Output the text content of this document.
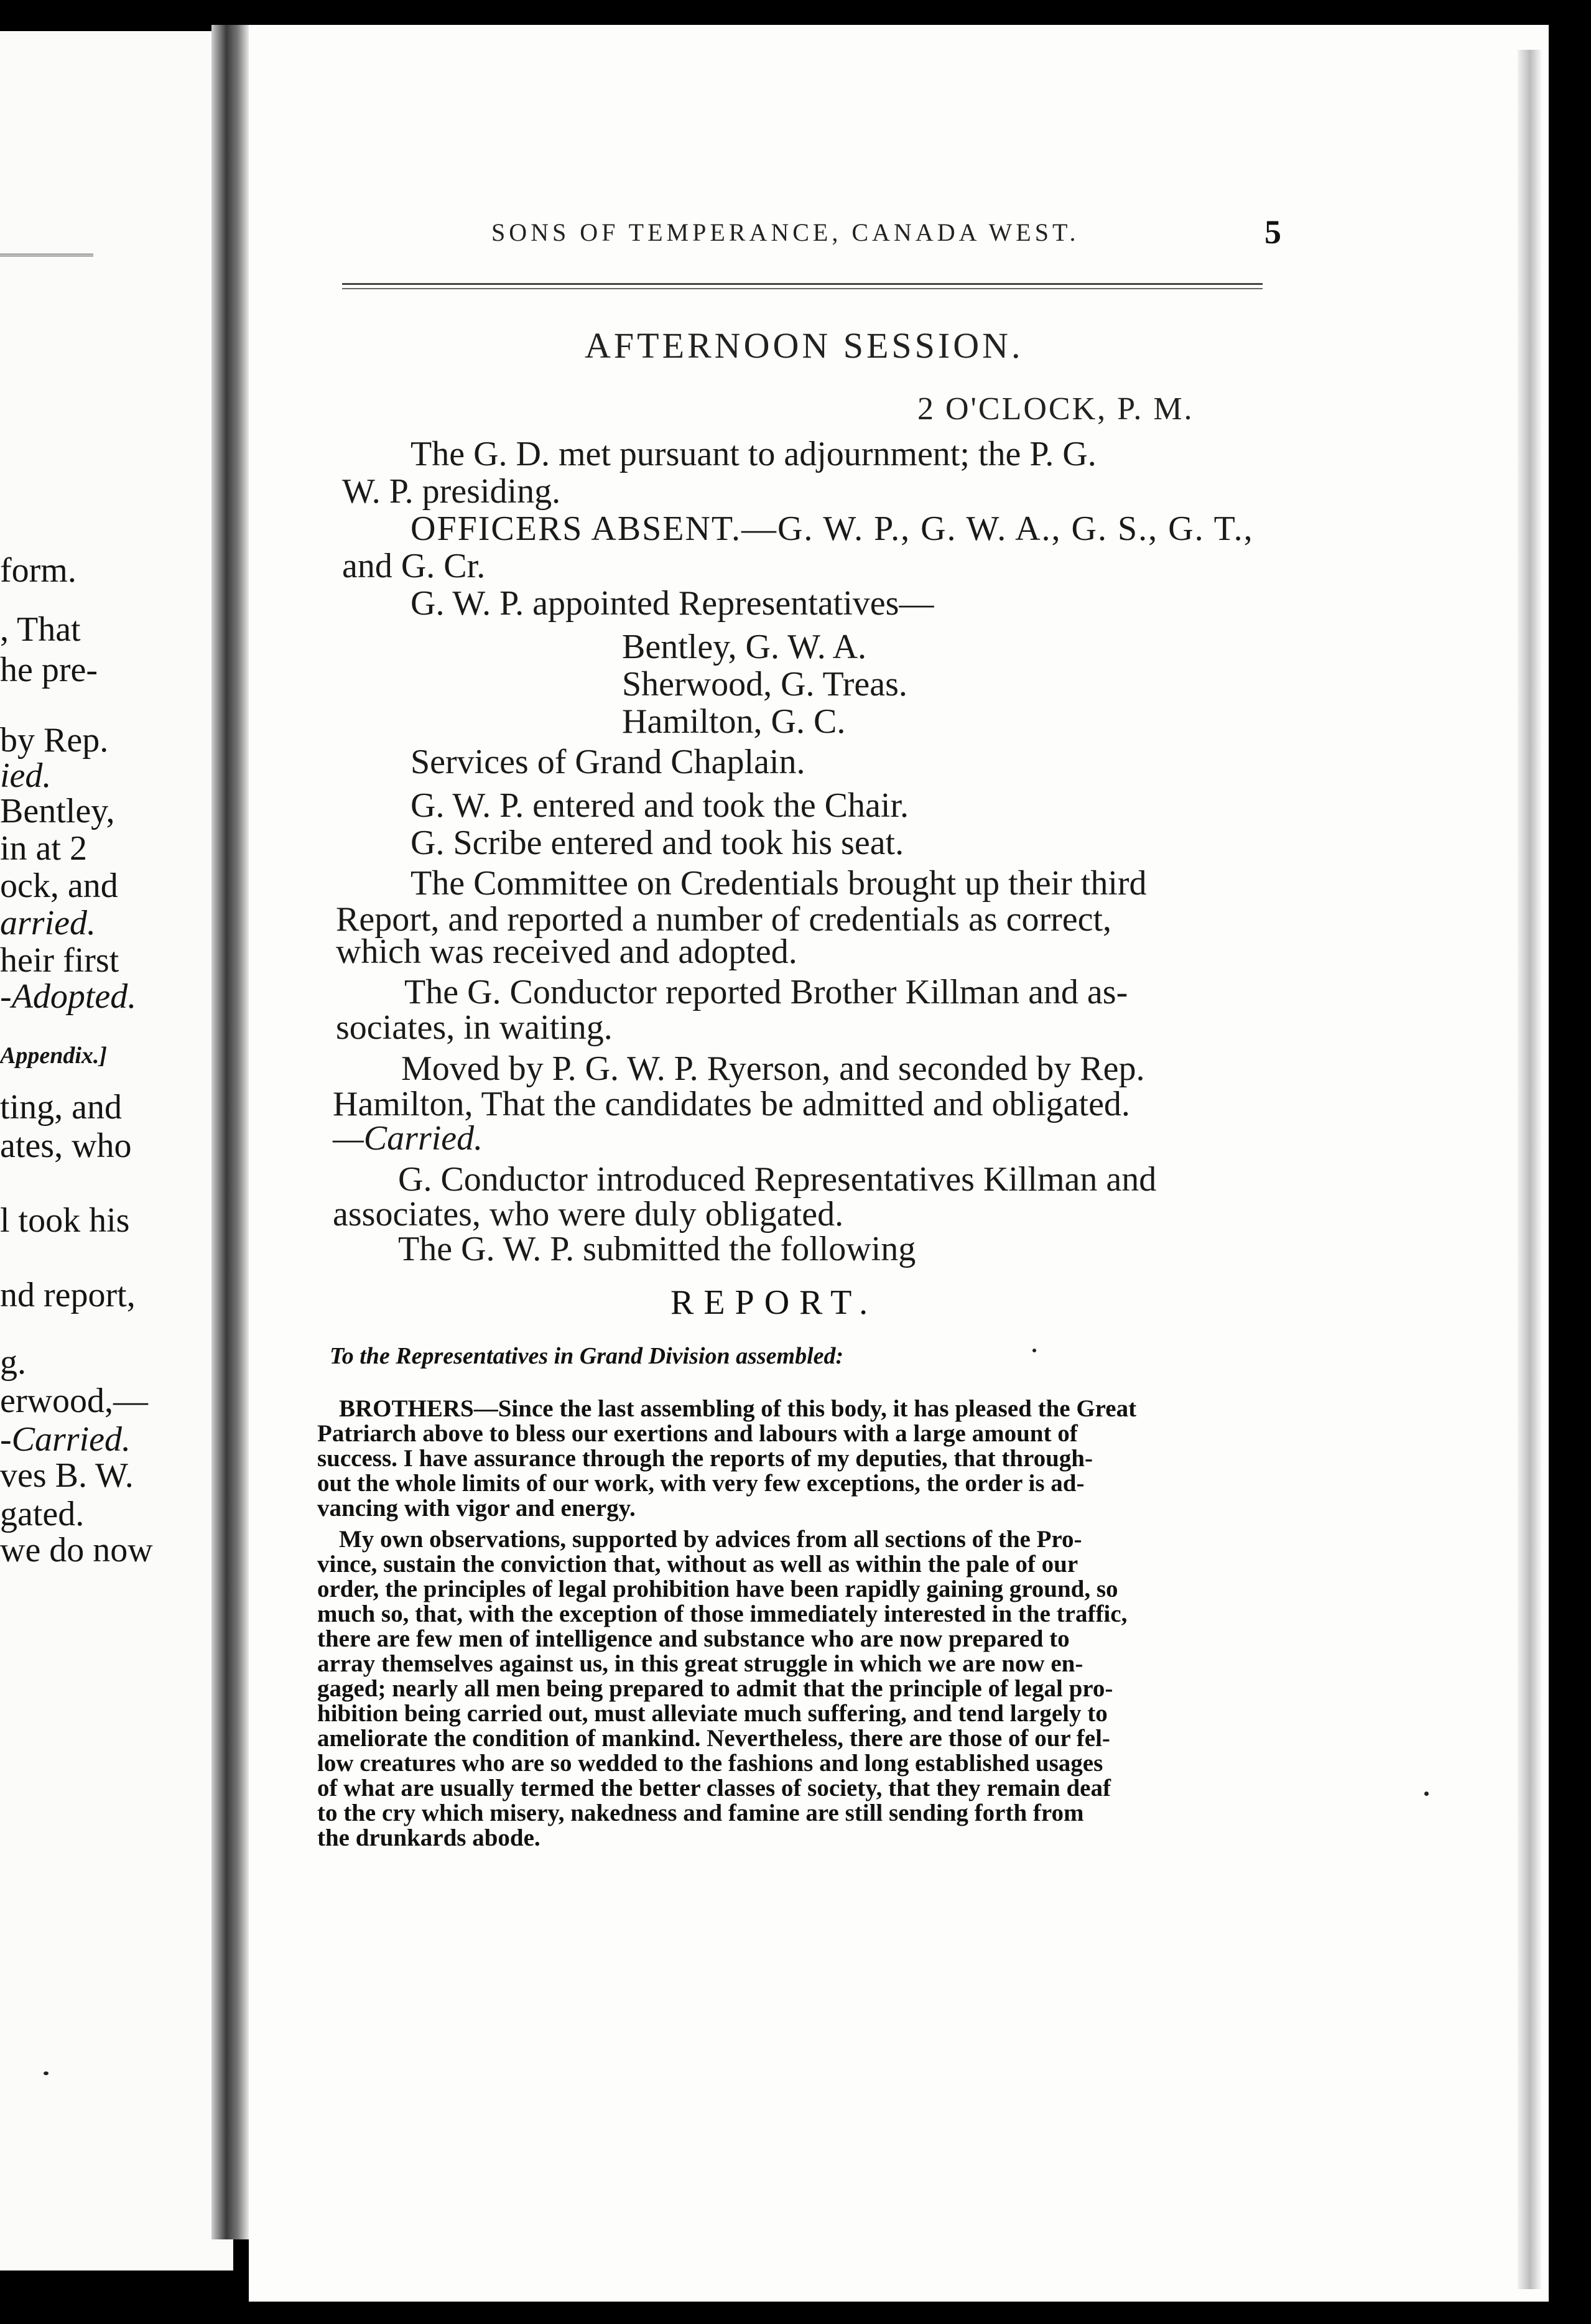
form.
, That
he pre-
by Rep.
ied.
Bentley,
in at 2
ock, and
arried.
heir first
-Adopted.
Appendix.]
ting, and
ates, who
l took his
nd report,
g.
erwood,—
-Carried.
ves B. W.
gated.
we do now
SONS OF TEMPERANCE, CANADA WEST.	5
AFTERNOON SESSION.
2 O'CLOCK, P. M.
The G. D. met pursuant to adjournment; the P. G.
W. P. presiding.
OFFICERS ABSENT.—G. W. P., G. W. A., G. S., G. T.,
and G. Cr.
G. W. P. appointed Representatives—
Bentley, G. W. A.
Sherwood, G. Treas.
Hamilton, G. C.
Services of Grand Chaplain.
G. W. P. entered and took the Chair.
G. Scribe entered and took his seat.
The Committee on Credentials brought up their third
Report, and reported a number of credentials as correct,
which was received and adopted.
The G. Conductor reported Brother Killman and as-
sociates, in waiting.
Moved by P. G. W. P. Ryerson, and seconded by Rep.
Hamilton, That the candidates be admitted and obligated.
—Carried.
G. Conductor introduced Representatives Killman and
associates, who were duly obligated.
The G. W. P. submitted the following
REPORT.
To the Representatives in Grand Division assembled:
BROTHERS—Since the last assembling of this body, it has pleased the Great
Patriarch above to bless our exertions and labours with a large amount of
success. I have assurance through the reports of my deputies, that through-
out the whole limits of our work, with very few exceptions, the order is ad-
vancing with vigor and energy.
My own observations, supported by advices from all sections of the Pro-
vince, sustain the conviction that, without as well as within the pale of our
order, the principles of legal prohibition have been rapidly gaining ground, so
much so, that, with the exception of those immediately interested in the traffic,
there are few men of intelligence and substance who are now prepared to
array themselves against us, in this great struggle in which we are now en-
gaged; nearly all men being prepared to admit that the principle of legal pro-
hibition being carried out, must alleviate much suffering, and tend largely to
ameliorate the condition of mankind. Nevertheless, there are those of our fel-
low creatures who are so wedded to the fashions and long established usages
of what are usually termed the better classes of society, that they remain deaf
to the cry which misery, nakedness and famine are still sending forth from
the drunkards abode.
